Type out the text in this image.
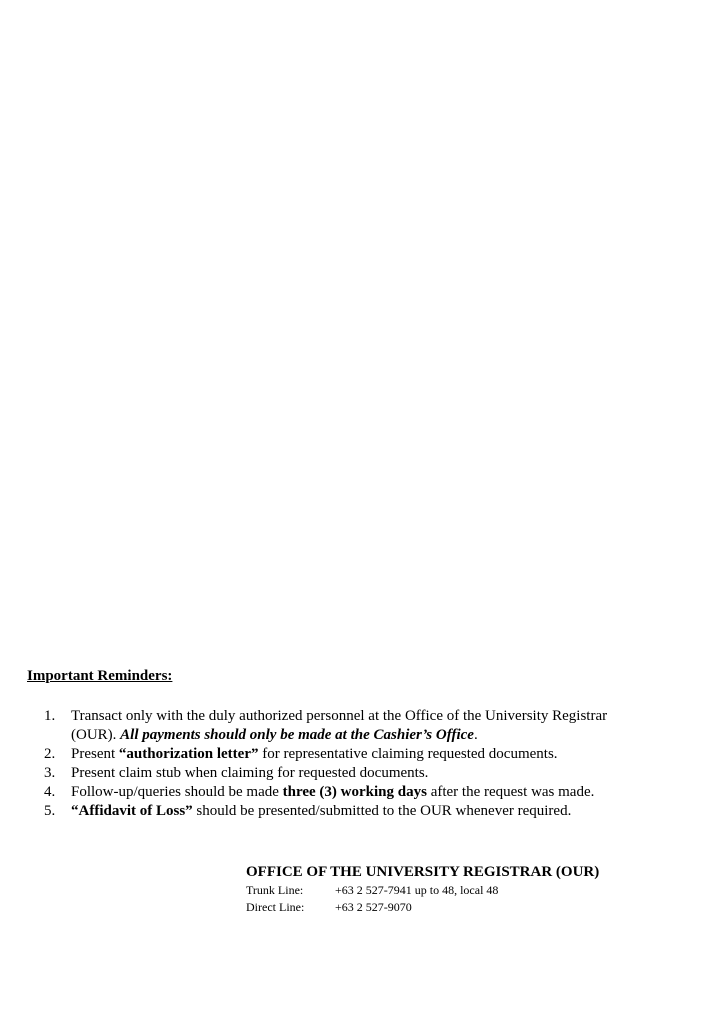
Important Reminders:
1. Transact only with the duly authorized personnel at the Office of the University Registrar
(OUR). All payments should only be made at the Cashier’s Office.
2. Present “authorization letter” for representative claiming requested documents.
3. Present claim stub when claiming for requested documents.
4. Follow-up/queries should be made three (3) working days after the request was made.
5. “Affidavit of Loss” should be presented/submitted to the OUR whenever required.
OFFICE OF THE UNIVERSITY REGISTRAR (OUR)
Trunk Line:	+63 2 527-7941 up to 48, local 48
Direct Line:	+63 2 527-9070
